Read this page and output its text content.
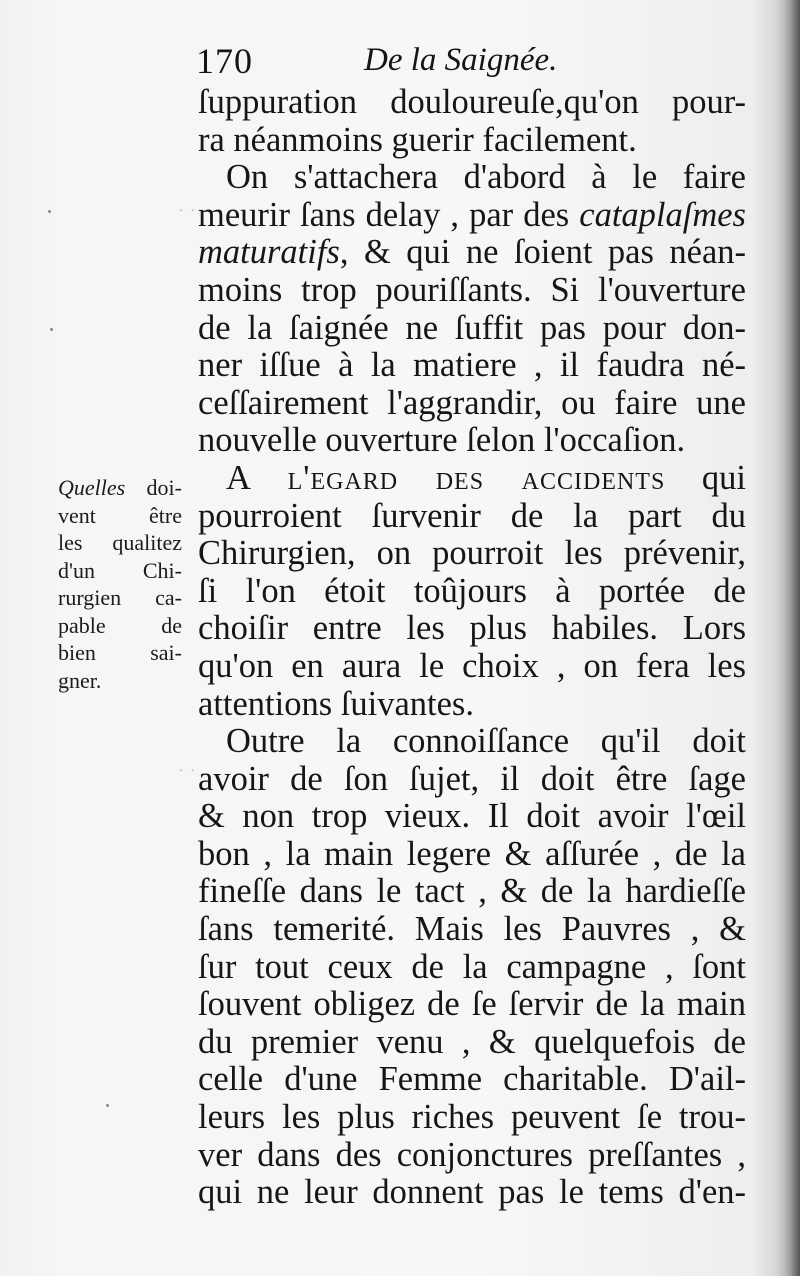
· ·
· ·
170	De la Saignée.
Quelles doi-
vent être
les qualitez
d'un Chi-
rurgien ca-
pable de
bien sai-
gner.
ſuppuration douloureuſe,qu'on pour-
ra néanmoins guerir facilement.
On s'attachera d'abord à le faire
meurir ſans delay , par des cataplaſmes
maturatifs, & qui ne ſoient pas néan-
moins trop pouriſſants. Si l'ouverture
de la ſaignée ne ſuffit pas pour don-
ner iſſue à la matiere , il faudra né-
ceſſairement l'aggrandir, ou faire une
nouvelle ouverture ſelon l'occaſion.
A l'egard des accidents qui
pourroient ſurvenir de la part du
Chirurgien, on pourroit les prévenir,
ſi l'on étoit toûjours à portée de
choiſir entre les plus habiles. Lors
qu'on en aura le choix , on fera les
attentions ſuivantes.
Outre la connoiſſance qu'il doit
avoir de ſon ſujet, il doit être ſage
& non trop vieux. Il doit avoir l'œil
bon , la main legere & aſſurée , de la
fineſſe dans le tact , & de la hardieſſe
ſans temerité. Mais les Pauvres , &
ſur tout ceux de la campagne , ſont
ſouvent obligez de ſe ſervir de la main
du premier venu , & quelquefois de
celle d'une Femme charitable. D'ail-
leurs les plus riches peuvent ſe trou-
ver dans des conjonctures preſſantes ,
qui ne leur donnent pas le tems d'en-
